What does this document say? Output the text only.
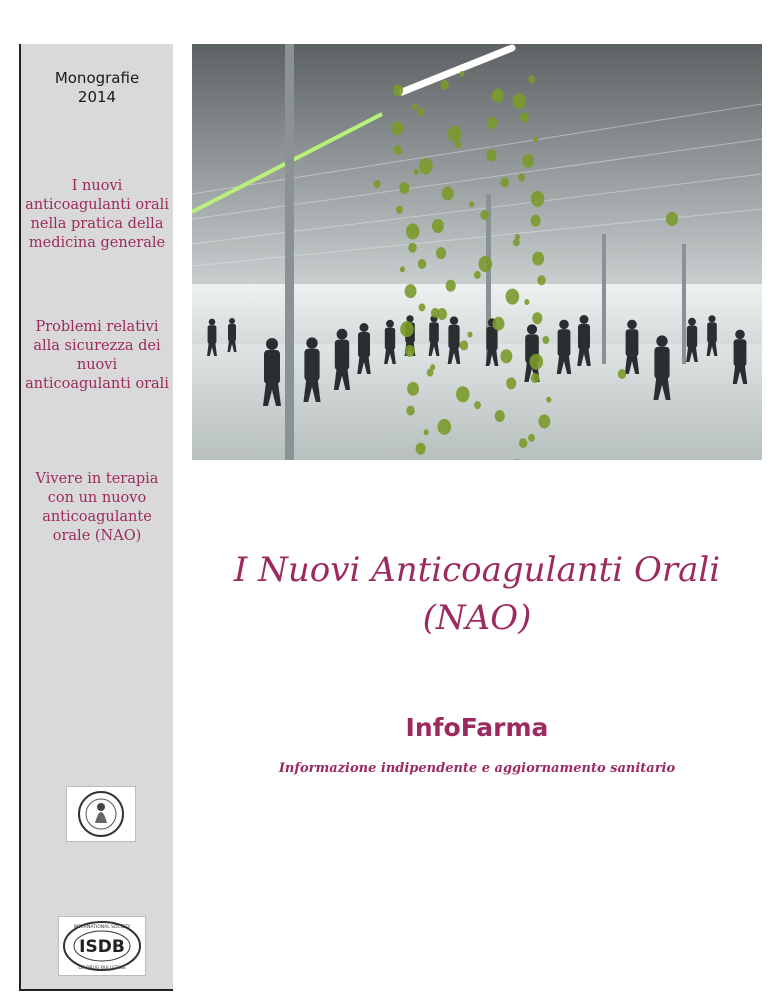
Monografie
2014
I nuovi anticoagulanti orali nella pratica della medicina generale
Problemi relativi alla sicurezza dei nuovi anticoagulanti orali
Vivere in terapia con un nuovo anticoagulante orale (NAO)
ISDB
INTERNATIONAL SOCIETY
OF DRUG BULLETINS
I Nuovi Anticoagulanti Orali
(NAO)
InfoFarma
Informazione indipendente e aggiornamento sanitario
